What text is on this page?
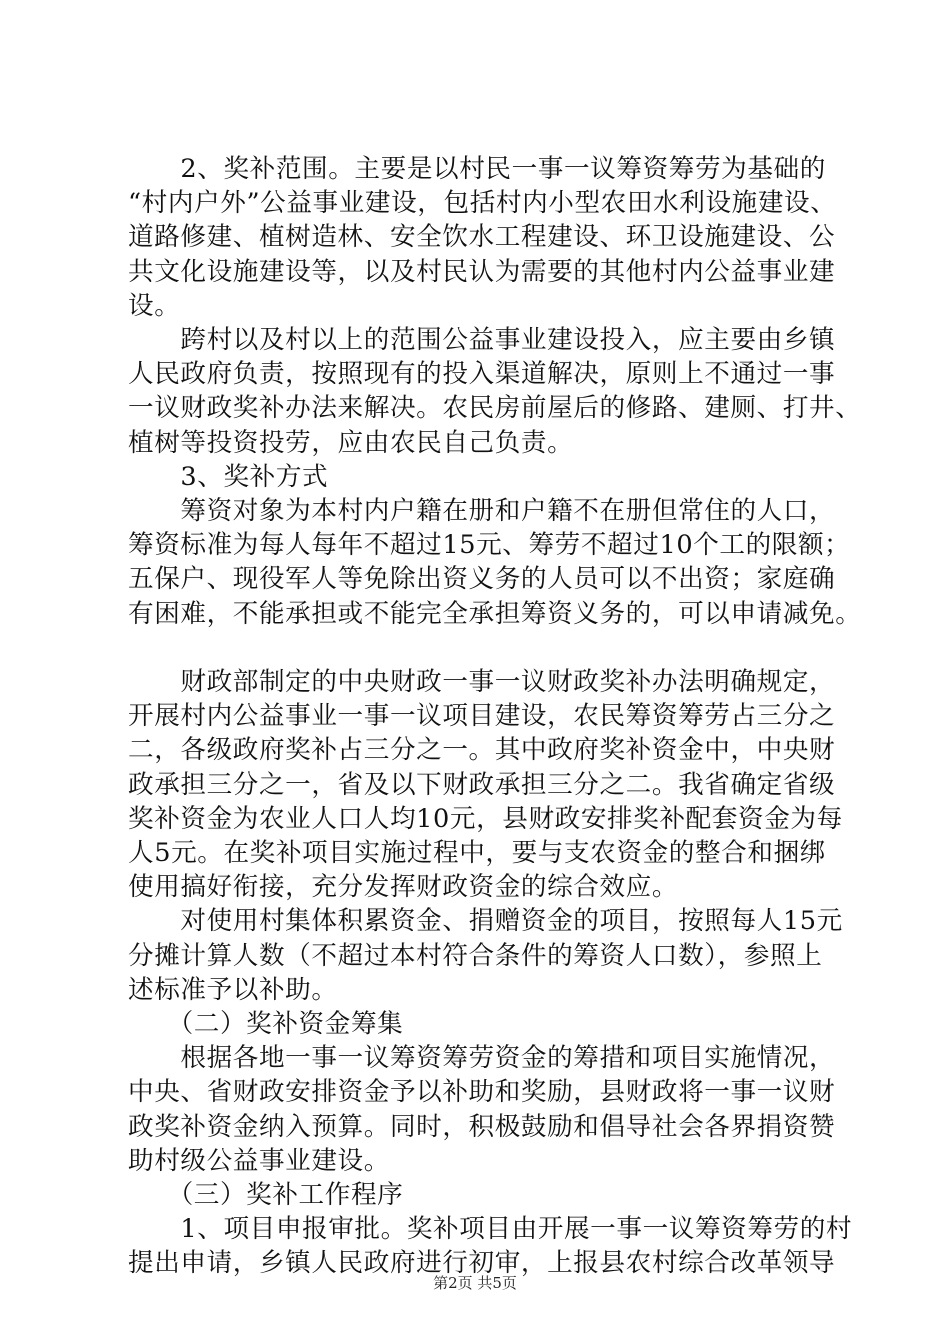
　　2、奖补范围。主要是以村民一事一议筹资筹劳为基础的

“村内户外”公益事业建设，包括村内小型农田水利设施建设、

道路修建、植树造林、安全饮水工程建设、环卫设施建设、公

共文化设施建设等，以及村民认为需要的其他村内公益事业建

设。

　　跨村以及村以上的范围公益事业建设投入，应主要由乡镇

人民政府负责，按照现有的投入渠道解决，原则上不通过一事

一议财政奖补办法来解决。农民房前屋后的修路、建厕、打井、

植树等投资投劳，应由农民自己负责。

　　3、奖补方式

　　筹资对象为本村内户籍在册和户籍不在册但常住的人口，

筹资标准为每人每年不超过15元、筹劳不超过10个工的限额；

五保户、现役军人等免除出资义务的人员可以不出资；家庭确

有困难，不能承担或不能完全承担筹资义务的，可以申请减免。

　　财政部制定的中央财政一事一议财政奖补办法明确规定，

开展村内公益事业一事一议项目建设，农民筹资筹劳占三分之

二，各级政府奖补占三分之一。其中政府奖补资金中，中央财

政承担三分之一，省及以下财政承担三分之二。我省确定省级

奖补资金为农业人口人均10元，县财政安排奖补配套资金为每

人5元。在奖补项目实施过程中，要与支农资金的整合和捆绑

使用搞好衔接，充分发挥财政资金的综合效应。

　　对使用村集体积累资金、捐赠资金的项目，按照每人15元

分摊计算人数（不超过本村符合条件的筹资人口数），参照上

述标准予以补助。

　　（二）奖补资金筹集

　　根据各地一事一议筹资筹劳资金的筹措和项目实施情况，

中央、省财政安排资金予以补助和奖励，县财政将一事一议财

政奖补资金纳入预算。同时，积极鼓励和倡导社会各界捐资赞

助村级公益事业建设。

　　（三）奖补工作程序

　　1、项目申报审批。奖补项目由开展一事一议筹资筹劳的村

提出申请，乡镇人民政府进行初审，上报县农村综合改革领导

第2页 共5页
